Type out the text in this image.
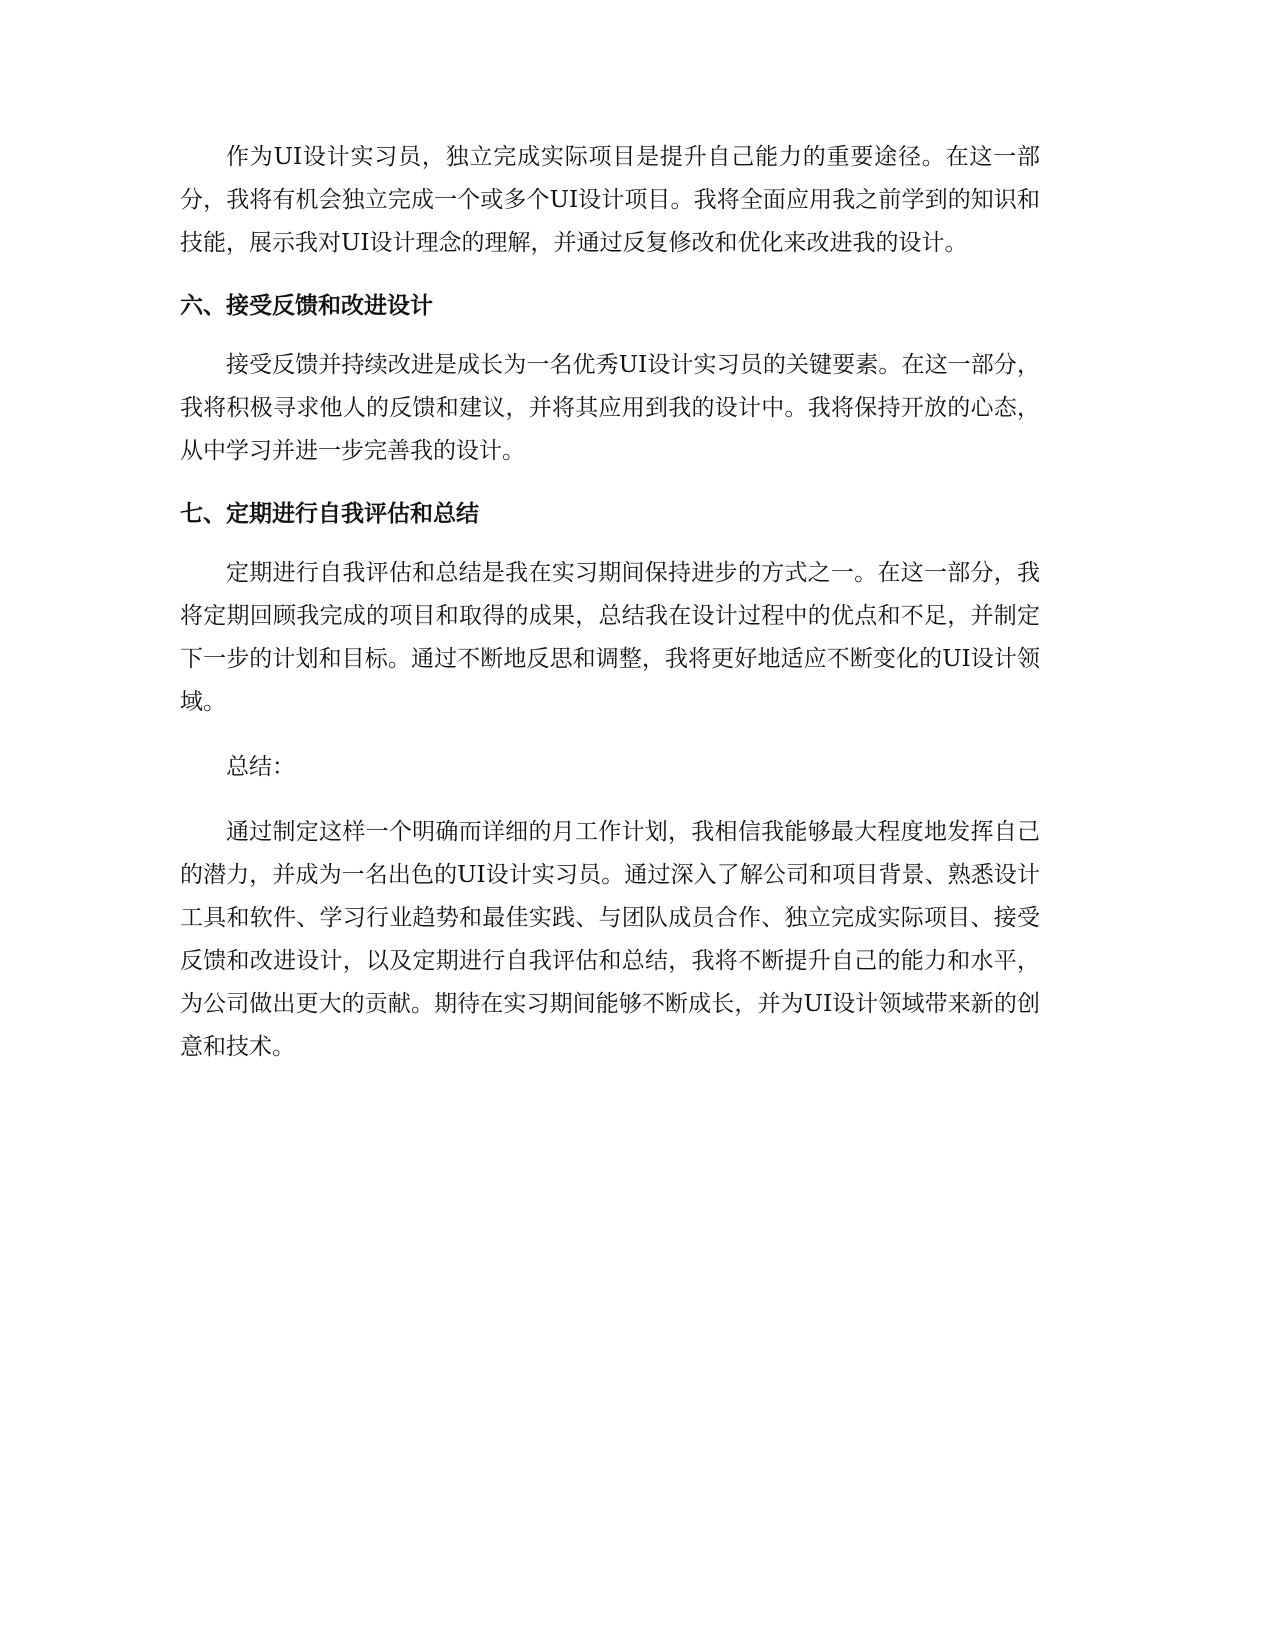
作为UI设计实习员，独立完成实际项目是提升自己能力的重要途径。在这一部分，我将有机会独立完成一个或多个UI设计项目。我将全面应用我之前学到的知识和技能，展示我对UI设计理念的理解，并通过反复修改和优化来改进我的设计。

六、接受反馈和改进设计

接受反馈并持续改进是成长为一名优秀UI设计实习员的关键要素。在这一部分，我将积极寻求他人的反馈和建议，并将其应用到我的设计中。我将保持开放的心态，从中学习并进一步完善我的设计。

七、定期进行自我评估和总结

定期进行自我评估和总结是我在实习期间保持进步的方式之一。在这一部分，我将定期回顾我完成的项目和取得的成果，总结我在设计过程中的优点和不足，并制定下一步的计划和目标。通过不断地反思和调整，我将更好地适应不断变化的UI设计领域。

总结：

通过制定这样一个明确而详细的月工作计划，我相信我能够最大程度地发挥自己的潜力，并成为一名出色的UI设计实习员。通过深入了解公司和项目背景、熟悉设计工具和软件、学习行业趋势和最佳实践、与团队成员合作、独立完成实际项目、接受反馈和改进设计，以及定期进行自我评估和总结，我将不断提升自己的能力和水平，为公司做出更大的贡献。期待在实习期间能够不断成长，并为UI设计领域带来新的创意和技术。
